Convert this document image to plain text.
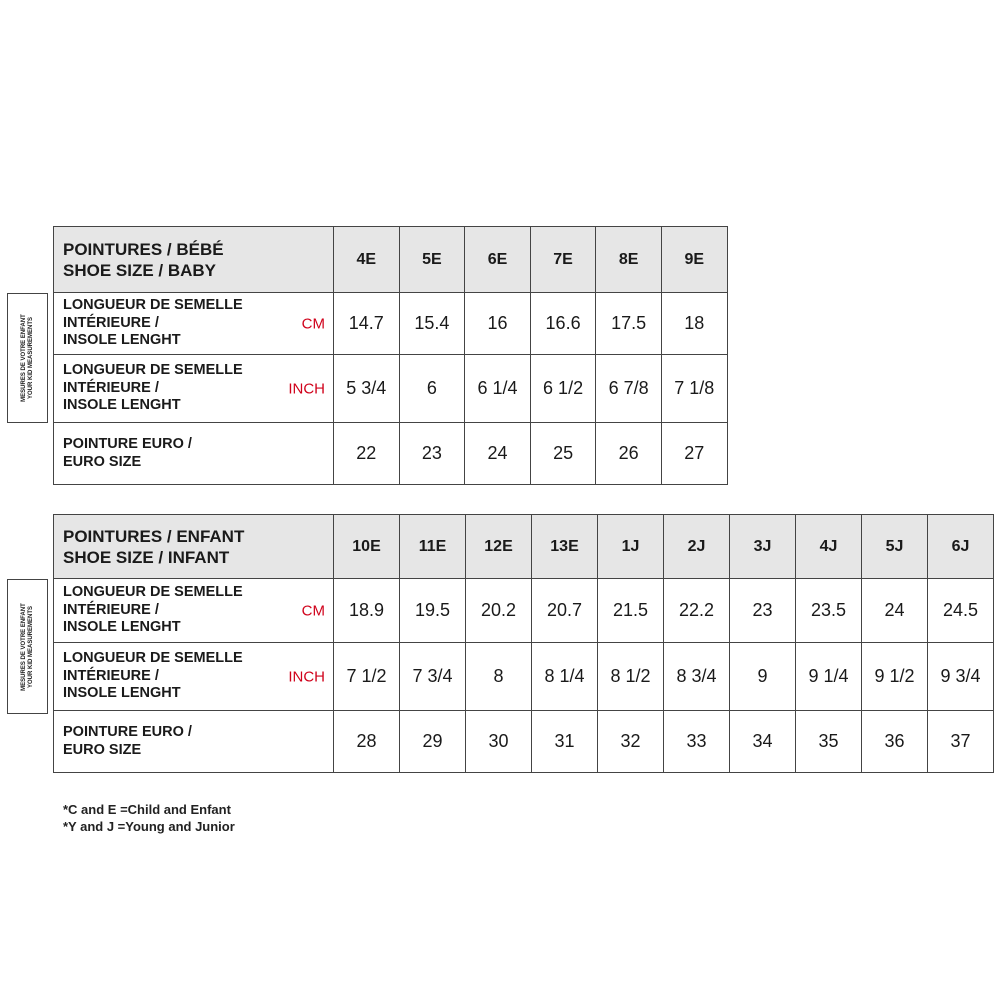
MESURES DE VOTRE ENFANT
YOUR KID MEASUREMENTS
POINTURES / BÉBÉ
SHOE SIZE / BABY	4E	5E	6E	7E	8E	9E
LONGUEUR DE SEMELLE
INTÉRIEURE /
INSOLE LENGHT
CM	14.7	15.4	16	16.6	17.5	18
LONGUEUR DE SEMELLE
INTÉRIEURE /
INSOLE LENGHT
INCH	5 3/4	6	6 1/4	6 1/2	6 7/8	7 1/8
POINTURE EURO /
EURO SIZE	22	23	24	25	26	27
MESURES DE VOTRE ENFANT
YOUR KID MEASUREMENTS
POINTURES / ENFANT
SHOE SIZE / INFANT	10E	11E	12E	13E	1J	2J	3J	4J	5J	6J
LONGUEUR DE SEMELLE
INTÉRIEURE /
INSOLE LENGHT
CM	18.9	19.5	20.2	20.7	21.5	22.2	23	23.5	24	24.5
LONGUEUR DE SEMELLE
INTÉRIEURE /
INSOLE LENGHT
INCH	7 1/2	7 3/4	8	8 1/4	8 1/2	8 3/4	9	9 1/4	9 1/2	9 3/4
POINTURE EURO /
EURO SIZE	28	29	30	31	32	33	34	35	36	37
*C and E =Child and Enfant
*Y and J =Young and Junior
